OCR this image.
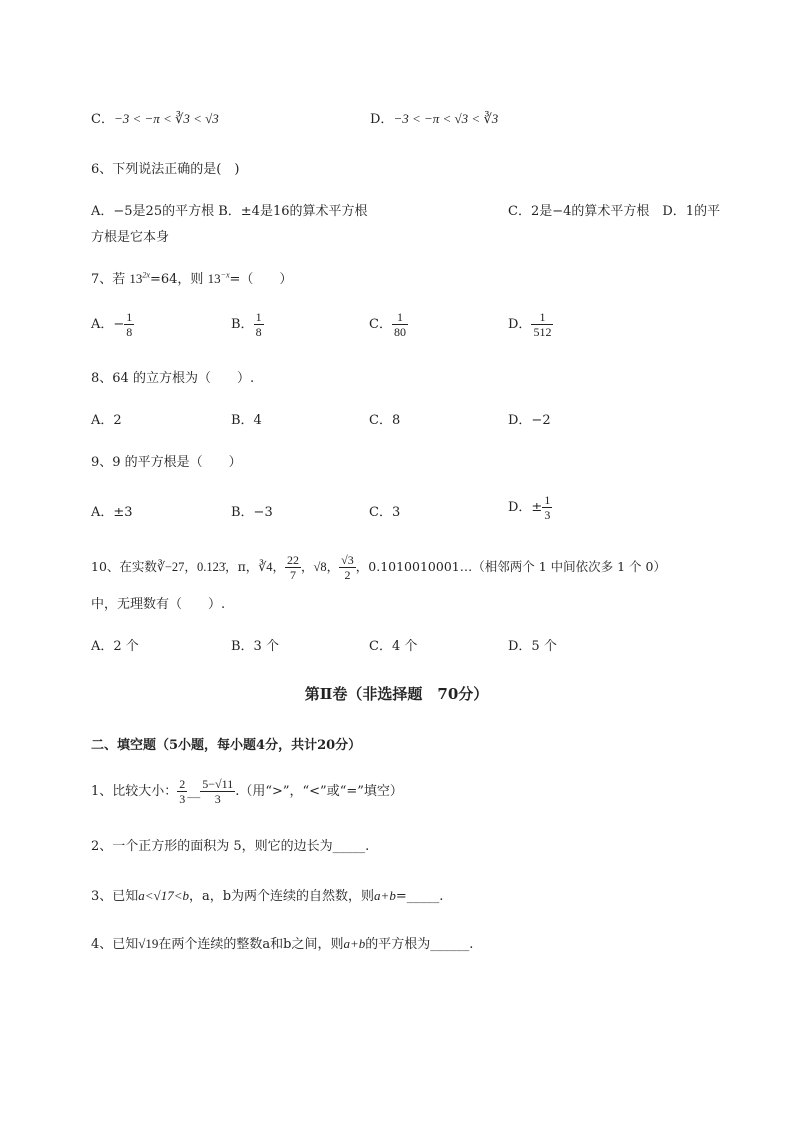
C．−3 < −π < ∛3 < √3	D．−3 < −π < √3 < ∛3
6、下列说法正确的是(　)
A．−5是25的平方根 B．±4是16的算术平方根	C．2是−4的算术平方根　D．1的平
方根是它本身
7、若 $13^{2x}=64$，则 $13^{-x}=$（　　）
A．− $\frac{1}{8}$	B． $\frac{1}{8}$	C． $\frac{1}{80}$	D． $\frac{1}{512}$
8、64 的立方根为（　　）.
A．2	B．4	C．8	D．−2
9、9 的平方根是（　　）
A．±3	B．−3	C．3	D．± $\frac{1}{3}$
10、在实数∛−27，0.123̇，π，∛4， $\frac{22}{7}$ ，√8， $\frac{√3}{2}$ ，0.1010010001…（相邻两个 1 中间依次多 1 个 0）
中，无理数有（　　）.
A．2 个	B．3 个	C．4 个	D．5 个
第Ⅱ卷（非选择题　70分）
二、填空题（5小题，每小题4分，共计20分）
1、比较大小： $\frac{2}{3}$ __ $\frac{5-√11}{3}$ .（用“>”，“<”或“=”填空）
2、一个正方形的面积为 5，则它的边长为_____.
3、已知a<√17<b，a，b为两个连续的自然数，则a+b=_____.
4、已知√19在两个连续的整数a和b之间，则a+b的平方根为______.
